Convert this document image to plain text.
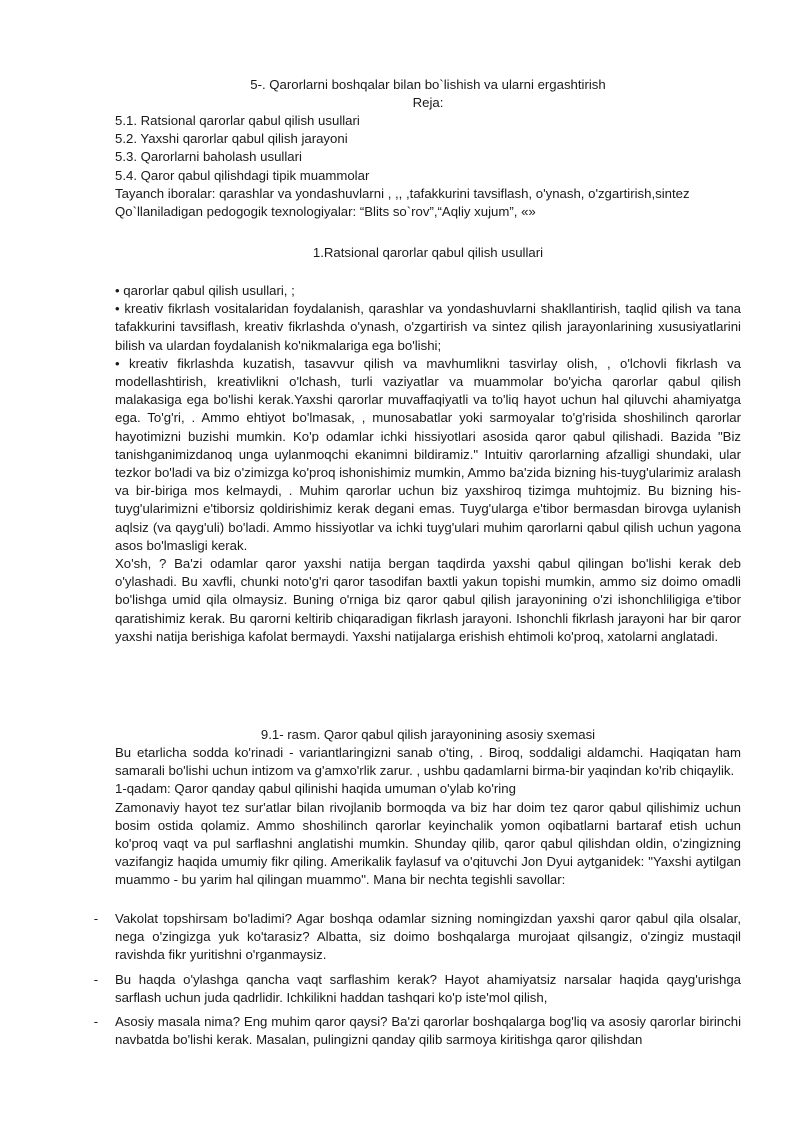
5-. Qarorlarni boshqalar bilan bo`lishish va ularni ergashtirish

Reja:

5.1. Ratsional qarorlar qabul qilish usullari

5.2. Yaxshi qarorlar qabul qilish jarayoni

5.3. Qarorlarni baholash usullari

5.4. Qaror qabul qilishdagi tipik muammolar

Tayanch iboralar: qarashlar va yondashuvlarni , ,, ,tafakkurini tavsiflash, o'ynash, o'zgartirish,sintez

Qo`llaniladigan pedogogik texnologiyalar: “Blits so`rov”,“Aqliy xujum”, «»

1.Ratsional qarorlar qabul qilish usullari

• qarorlar qabul qilish usullari, ;

• kreativ fikrlash vositalaridan foydalanish, qarashlar va yondashuvlarni shakllantirish, taqlid qilish va tana tafakkurini tavsiflash, kreativ fikrlashda o'ynash, o'zgartirish va sintez qilish jarayonlarining xususiyatlarini bilish va ulardan foydalanish ko'nikmalariga ega bo'lishi;

• kreativ fikrlashda kuzatish, tasavvur qilish va mavhumlikni tasvirlay olish, , o'lchovli fikrlash va modellashtirish, kreativlikni o'lchash, turli vaziyatlar va muammolar bo'yicha qarorlar qabul qilish malakasiga ega bo'lishi kerak.Yaxshi qarorlar muvaffaqiyatli va to'liq hayot uchun hal qiluvchi ahamiyatga ega. To'g'ri, . Ammo ehtiyot bo'lmasak, , munosabatlar yoki sarmoyalar to'g'risida shoshilinch qarorlar hayotimizni buzishi mumkin. Ko'p odamlar ichki hissiyotlari asosida qaror qabul qilishadi. Bazida "Biz tanishganimizdanoq unga uylanmoqchi ekanimni bildiramiz." Intuitiv qarorlarning afzalligi shundaki, ular tezkor bo'ladi va biz o'zimizga ko'proq ishonishimiz mumkin, Ammo ba'zida bizning his-tuyg'ularimiz aralash va bir-biriga mos kelmaydi, . Muhim qarorlar uchun biz yaxshiroq tizimga muhtojmiz. Bu bizning his-tuyg'ularimizni e'tiborsiz qoldirishimiz kerak degani emas. Tuyg'ularga e'tibor bermasdan birovga uylanish aqlsiz (va qayg'uli) bo'ladi. Ammo hissiyotlar va ichki tuyg'ulari muhim qarorlarni qabul qilish uchun yagona asos bo'lmasligi kerak.

Xo'sh, ? Ba'zi odamlar qaror yaxshi natija bergan taqdirda yaxshi qabul qilingan bo'lishi kerak deb o'ylashadi. Bu xavfli, chunki noto'g'ri qaror tasodifan baxtli yakun topishi mumkin, ammo siz doimo omadli bo'lishga umid qila olmaysiz. Buning o'rniga biz qaror qabul qilish jarayonining o'zi ishonchliligiga e'tibor qaratishimiz kerak. Bu qarorni keltirib chiqaradigan fikrlash jarayoni. Ishonchli fikrlash jarayoni har bir qaror yaxshi natija berishiga kafolat bermaydi. Yaxshi natijalarga erishish ehtimoli ko'proq, xatolarni anglatadi.

9.1- rasm. Qaror qabul qilish jarayonining asosiy sxemasi

Bu etarlicha sodda ko'rinadi - variantlaringizni sanab o'ting, . Biroq, soddaligi aldamchi. Haqiqatan ham samarali bo'lishi uchun intizom va g'amxo'rlik zarur. , ushbu qadamlarni birma-bir yaqindan ko'rib chiqaylik.

1-qadam: Qaror qanday qabul qilinishi haqida umuman o'ylab ko'ring

Zamonaviy hayot tez sur'atlar bilan rivojlanib bormoqda va biz har doim tez qaror qabul qilishimiz uchun bosim ostida qolamiz. Ammo shoshilinch qarorlar keyinchalik yomon oqibatlarni bartaraf etish uchun ko'proq vaqt va pul sarflashni anglatishi mumkin. Shunday qilib, qaror qabul qilishdan oldin, o'zingizning vazifangiz haqida umumiy fikr qiling. Amerikalik faylasuf va o'qituvchi Jon Dyui aytganidek: "Yaxshi aytilgan muammo - bu yarim hal qilingan muammo". Mana bir nechta tegishli savollar:

- Vakolat topshirsam bo'ladimi? Agar boshqa odamlar sizning nomingizdan yaxshi qaror qabul qila olsalar, nega o'zingizga yuk ko'tarasiz? Albatta, siz doimo boshqalarga murojaat qilsangiz, o'zingiz mustaqil ravishda fikr yuritishni o'rganmaysiz.

- Bu haqda o'ylashga qancha vaqt sarflashim kerak? Hayot ahamiyatsiz narsalar haqida qayg'urishga sarflash uchun juda qadrlidir. Ichkilikni haddan tashqari ko'p iste'mol qilish,

- Asosiy masala nima? Eng muhim qaror qaysi? Ba'zi qarorlar boshqalarga bog'liq va asosiy qarorlar birinchi navbatda bo'lishi kerak. Masalan, pulingizni qanday qilib sarmoya kiritishga qaror qilishdan
